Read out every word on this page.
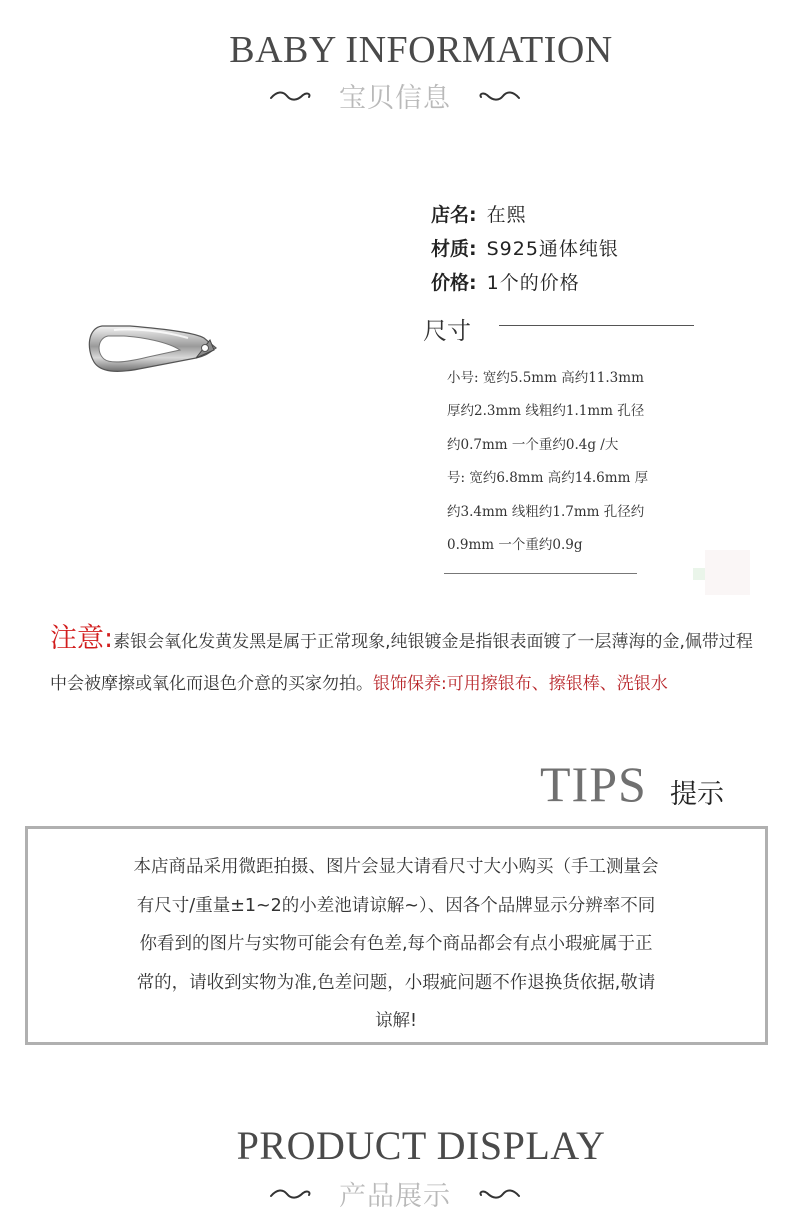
BABY INFORMATION
宝贝信息
店名: 在熙
材质: S925通体纯银
价格: 1个的价格
尺寸
小号: 宽约5.5mm 高约11.3mm
厚约2.3mm 线粗约1.1mm 孔径
约0.7mm 一个重约0.4g /大
号: 宽约6.8mm 高约14.6mm 厚
约3.4mm 线粗约1.7mm 孔径约
0.9mm 一个重约0.9g
注意:素银会氧化发黄发黑是属于正常现象,纯银镀金是指银表面镀了一层薄海的金,佩带过程中会被摩擦或氧化而退色介意的买家勿拍。银饰保养:可用擦银布、擦银棒、洗银水
TIPS 提示
本店商品采用微距拍摄、图片会显大请看尺寸大小购买（手工测量会
有尺寸/重量±1~2的小差池请谅解~）、因各个品牌显示分辨率不同
你看到的图片与实物可能会有色差,每个商品都会有点小瑕疵属于正
常的，请收到实物为准,色差问题，小瑕疵问题不作退换货依据,敬请
谅解!
PRODUCT DISPLAY
产品展示
